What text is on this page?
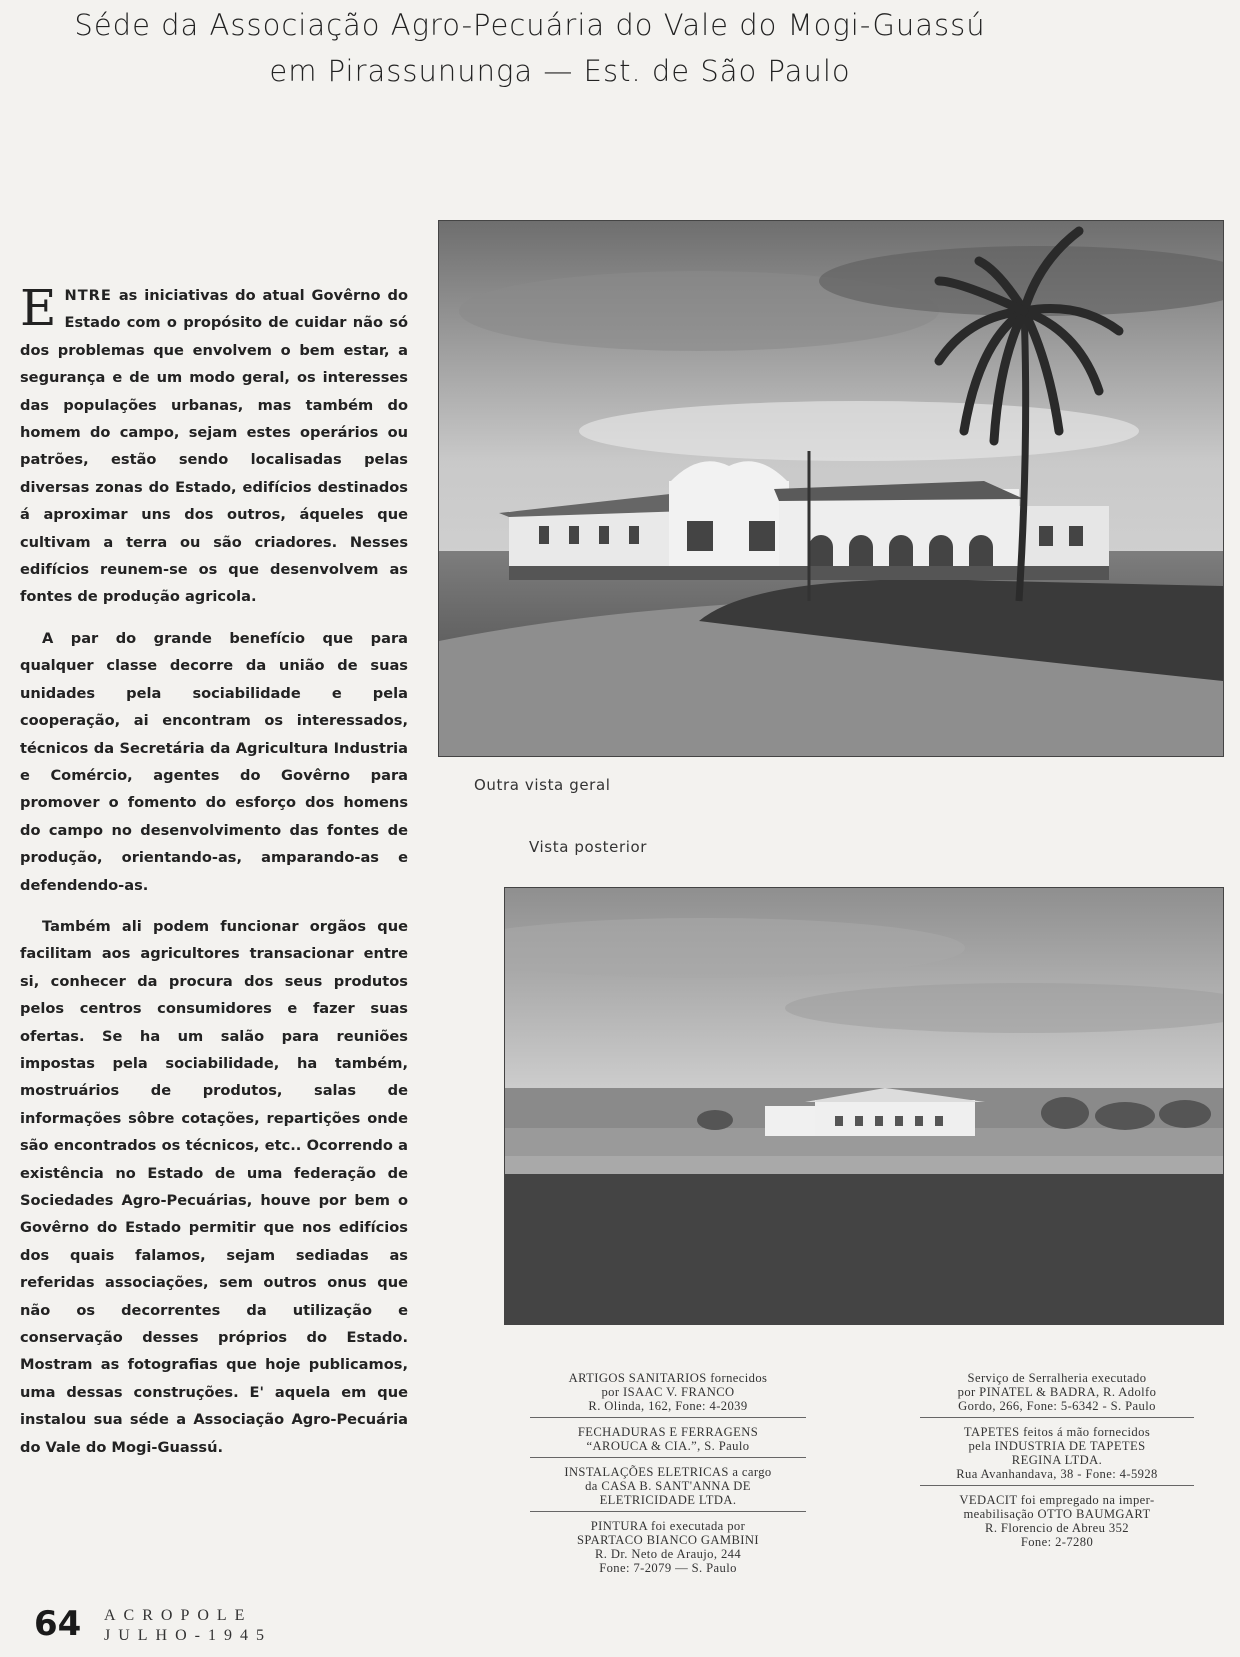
Séde da Associação Agro-Pecuária do Vale do Mogi-Guassú
em Pirassununga — Est. de São Paulo

ENTRE as iniciativas do atual Govêrno do Estado com o propósito de cuidar não só dos problemas que envolvem o bem estar, a segurança e de um modo geral, os interesses das populações urbanas, mas também do homem do campo, sejam estes operários ou patrões, estão sendo localisadas pelas diversas zonas do Estado, edifícios destinados á aproximar uns dos outros, áqueles que cultivam a terra ou são criadores. Nesses edifícios reunem-se os que desenvolvem as fontes de produção agricola.

A par do grande benefício que para qualquer classe decorre da união de suas unidades pela sociabilidade e pela cooperação, ai encontram os interessados, técnicos da Secretária da Agricultura Industria e Comércio, agentes do Govêrno para promover o fomento do esforço dos homens do campo no desenvolvimento das fontes de produção, orientando-as, amparando-as e defendendo-as.

Também ali podem funcionar orgãos que facilitam aos agricultores transacionar entre si, conhecer da procura dos seus produtos pelos centros consumidores e fazer suas ofertas. Se ha um salão para reuniões impostas pela sociabilidade, ha também, mostruários de produtos, salas de informações sôbre cotações, repartições onde são encontrados os técnicos, etc.. Ocorrendo a existência no Estado de uma federação de Sociedades Agro-Pecuárias, houve por bem o Govêrno do Estado permitir que nos edifícios dos quais falamos, sejam sediadas as referidas associações, sem outros onus que não os decorrentes da utilização e conservação desses próprios do Estado. Mostram as fotografias que hoje publicamos, uma dessas construções. E' aquela em que instalou sua séde a Associação Agro-Pecuária do Vale do Mogi-Guassú.

Outra vista geral
Vista posterior
ARTIGOS SANITARIOS fornecidos
por ISAAC V. FRANCO
R. Olinda, 162, Fone: 4-2039
FECHADURAS E FERRAGENS
“AROUCA & CIA.”, S. Paulo
INSTALAÇÕES ELETRICAS a cargo
da CASA B. SANT'ANNA DE
ELETRICIDADE LTDA.
PINTURA foi executada por
SPARTACO BIANCO GAMBINI
R. Dr. Neto de Araujo, 244
Fone: 7-2079 — S. Paulo
Serviço de Serralheria executado
por PINATEL & BADRA, R. Adolfo
Gordo, 266, Fone: 5-6342 - S. Paulo
TAPETES feitos á mão fornecidos
pela INDUSTRIA DE TAPETES
REGINA LTDA.
Rua Avanhandava, 38 - Fone: 4-5928
VEDACIT foi empregado na imper-
meabilisação OTTO BAUMGART
R. Florencio de Abreu 352
Fone: 2-7280
64 ACROPOLE
JULHO-1945
